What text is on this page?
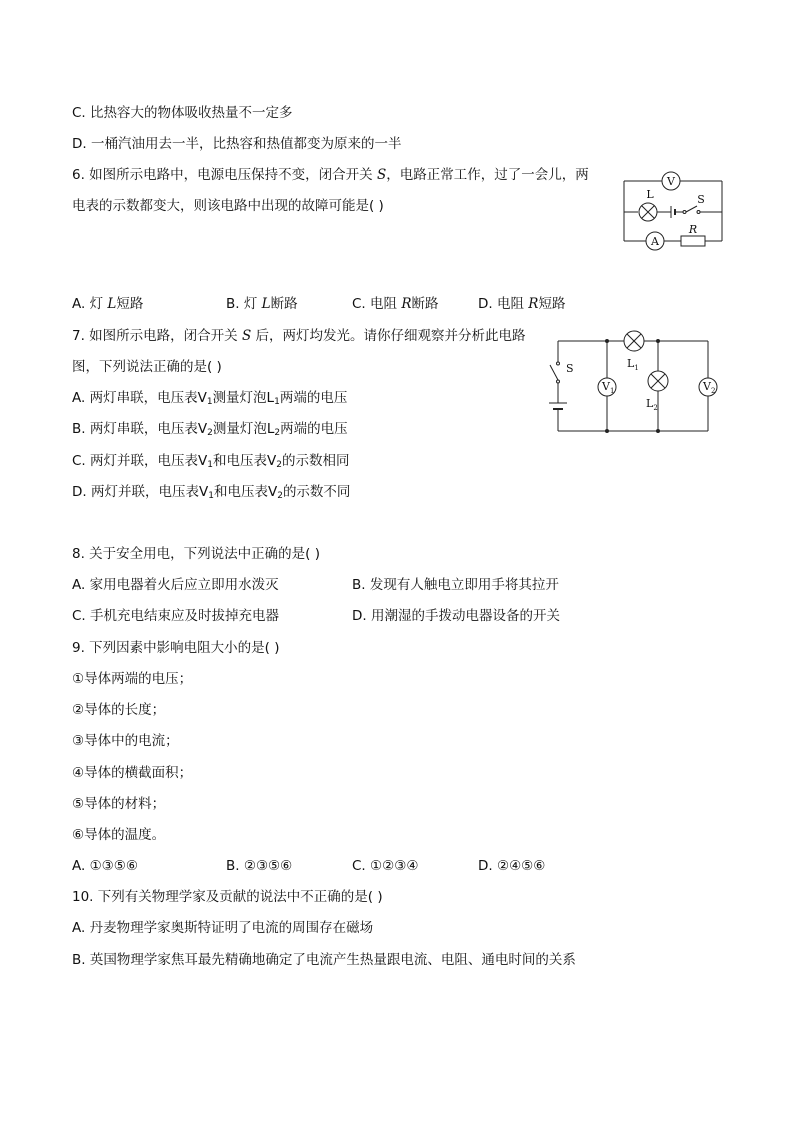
C. 比热容大的物体吸收热量不一定多
D. 一桶汽油用去一半，比热容和热值都变为原来的一半
6. 如图所示电路中，电源电压保持不变，闭合开关 S，电路正常工作，过了一会儿，两
电表的示数都变大，则该电路中出现的故障可能是( )
V
L	S
A
R
A. 灯 L短路	B. 灯 L断路	C. 电阻 R断路	D. 电阻 R短路
7. 如图所示电路，闭合开关 S 后，两灯均发光。请你仔细观察并分析此电路
图，下列说法正确的是( )	S	$L_1$
$L_2$
$V_1$	$V_2$
A. 两灯串联，电压表$V_1$测量灯泡$L_1$两端的电压
B. 两灯串联，电压表$V_2$测量灯泡$L_2$两端的电压
C. 两灯并联，电压表$V_1$和电压表$V_2$的示数相同
D. 两灯并联，电压表$V_1$和电压表$V_2$的示数不同
8. 关于安全用电，下列说法中正确的是( )
A. 家用电器着火后应立即用水泼灭	B. 发现有人触电立即用手将其拉开
C. 手机充电结束应及时拔掉充电器	D. 用潮湿的手拨动电器设备的开关
9. 下列因素中影响电阻大小的是( )
①导体两端的电压；
②导体的长度；
③导体中的电流；
④导体的横截面积；
⑤导体的材料；
⑥导体的温度。
A. ①③⑤⑥	B. ②③⑤⑥	C. ①②③④	D. ②④⑤⑥
10. 下列有关物理学家及贡献的说法中不正确的是( )
A. 丹麦物理学家奥斯特证明了电流的周围存在磁场
B. 英国物理学家焦耳最先精确地确定了电流产生热量跟电流、电阻、通电时间的关系
